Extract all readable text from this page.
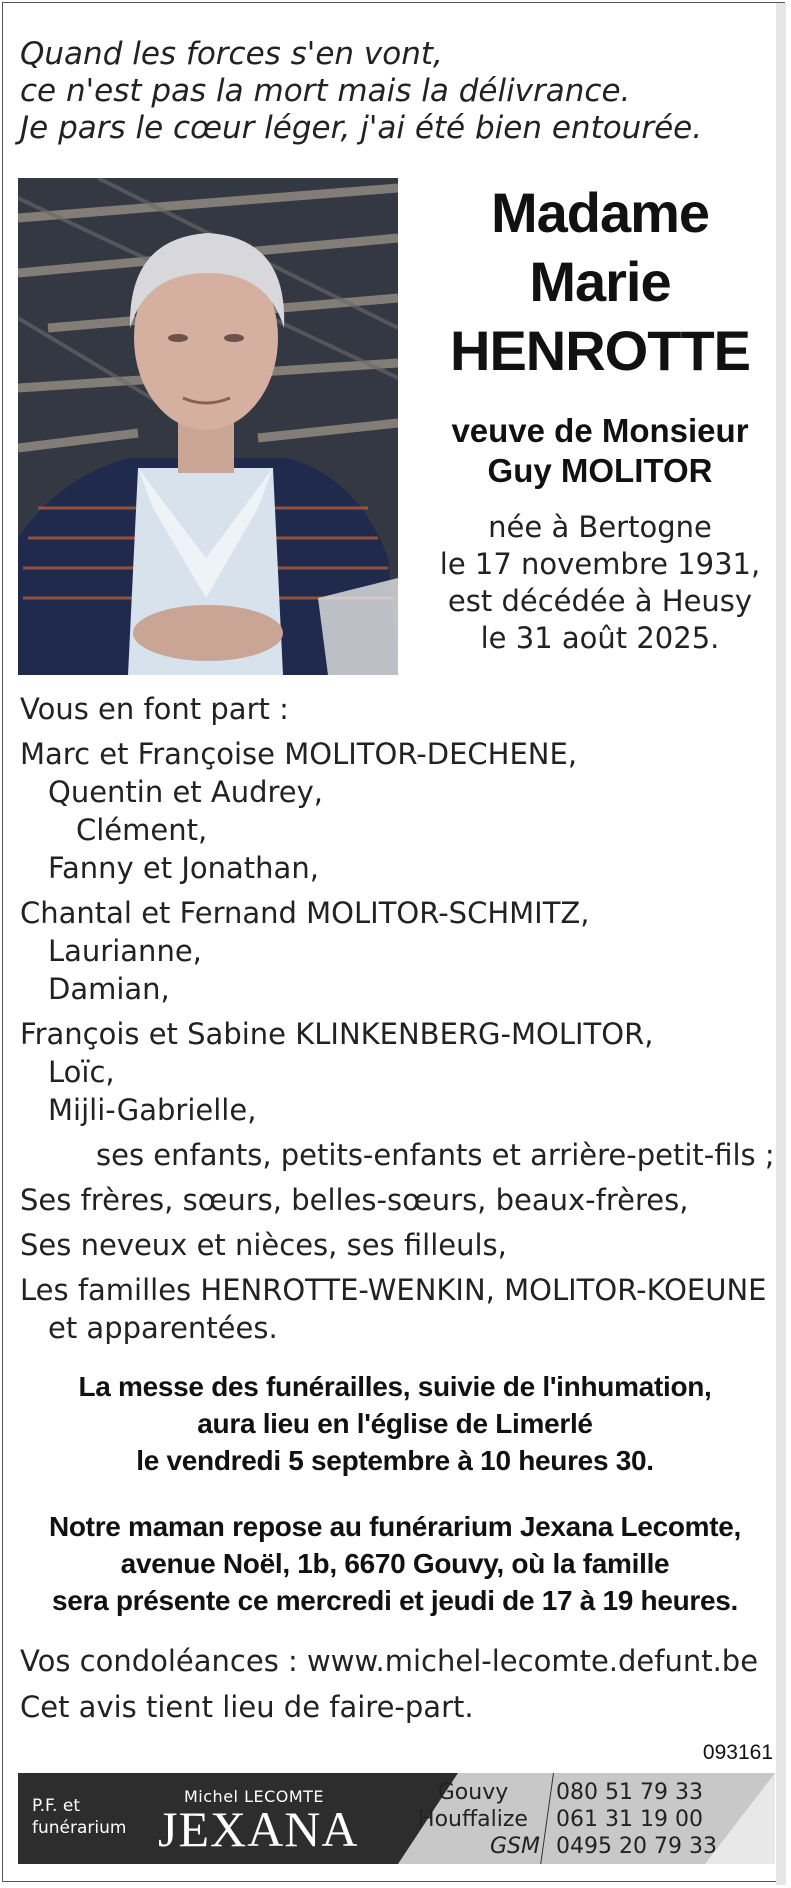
Quand les forces s'en vont,
ce n'est pas la mort mais la délivrance.
Je pars le cœur léger, j'ai été bien entourée.
Madame
Marie
HENROTTE
veuve de Monsieur
Guy MOLITOR
née à Bertogne
le 17 novembre 1931,
est décédée à Heusy
le 31 août 2025.
Vous en font part :
Marc et Françoise MOLITOR-DECHENE,
Quentin et Audrey,
Clément,
Fanny et Jonathan,
Chantal et Fernand MOLITOR-SCHMITZ,
Laurianne,
Damian,
François et Sabine KLINKENBERG-MOLITOR,
Loïc,
Mijli-Gabrielle,
ses enfants, petits-enfants et arrière-petit-fils ;
Ses frères, sœurs, belles-sœurs, beaux-frères,
Ses neveux et nièces, ses filleuls,
Les familles HENROTTE-WENKIN, MOLITOR-KOEUNE
et apparentées.
La messe des funérailles, suivie de l'inhumation,
aura lieu en l'église de Limerlé
le vendredi 5 septembre à 10 heures 30.
Notre maman repose au funérarium Jexana Lecomte,
avenue Noël, 1b, 6670 Gouvy, où la famille
sera présente ce mercredi et jeudi de 17 à 19 heures.
Vos condoléances : www.michel-lecomte.defunt.be
Cet avis tient lieu de faire-part.
093161
P.F. et
funérarium
Michel LECOMTE
JEXANA
Gouvy
Houffalize
GSM
080 51 79 33
061 31 19 00
0495 20 79 33
